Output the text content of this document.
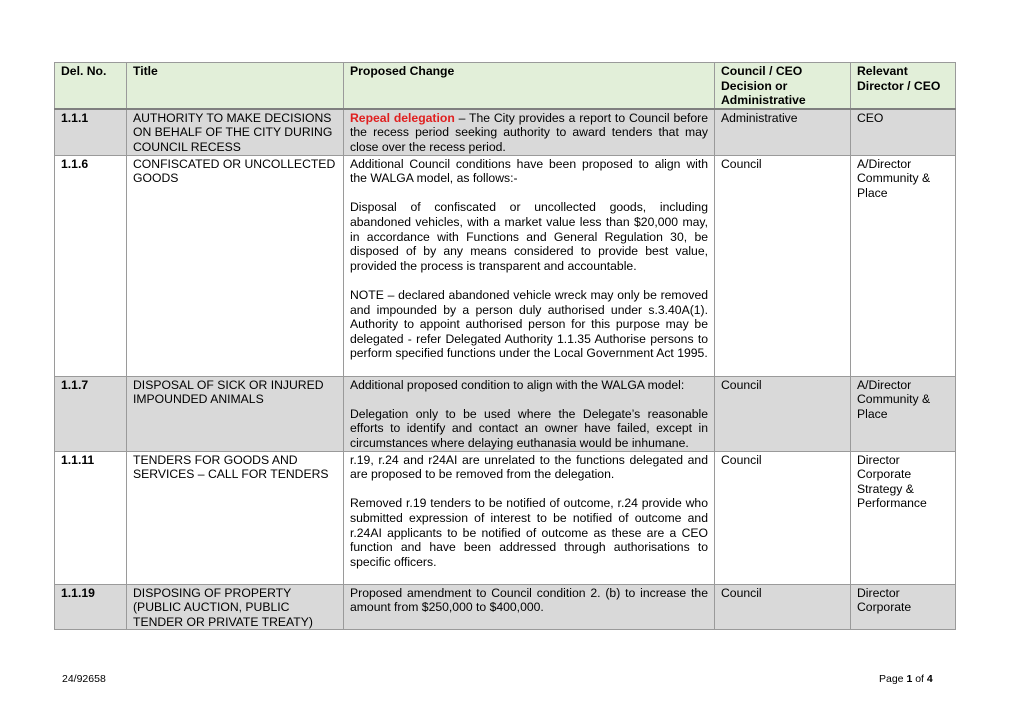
Del. No.	Title	Proposed Change	Council / CEO Decision or Administrative	Relevant Director / CEO
1.1.1	AUTHORITY TO MAKE DECISIONS ON BEHALF OF THE CITY DURING COUNCIL RECESS	Repeal delegation – The City provides a report to Council before the recess period seeking authority to award tenders that may close over the recess period.	Administrative	CEO
1.1.6	CONFISCATED OR UNCOLLECTED GOODS	Additional Council conditions have been proposed to align with the WALGA model, as follows:-

Disposal of confiscated or uncollected goods, including abandoned vehicles, with a market value less than $20,000 may, in accordance with Functions and General Regulation 30, be disposed of by any means considered to provide best value, provided the process is transparent and accountable.

NOTE – declared abandoned vehicle wreck may only be removed and impounded by a person duly authorised under s.3.40A(1). Authority to appoint authorised person for this purpose may be delegated - refer Delegated Authority 1.1.35 Authorise persons to perform specified functions under the Local Government Act 1995.	Council	A/Director Community & Place
1.1.7	DISPOSAL OF SICK OR INJURED IMPOUNDED ANIMALS	Additional proposed condition to align with the WALGA model:

Delegation only to be used where the Delegate’s reasonable efforts to identify and contact an owner have failed, except in circumstances where delaying euthanasia would be inhumane.	Council	A/Director Community & Place
1.1.11	TENDERS FOR GOODS AND SERVICES – CALL FOR TENDERS	r.19, r.24 and r24AI are unrelated to the functions delegated and are proposed to be removed from the delegation.

Removed r.19 tenders to be notified of outcome, r.24 provide who submitted expression of interest to be notified of outcome and r.24AI applicants to be notified of outcome as these are a CEO function and have been addressed through authorisations to specific officers.	Council	Director Corporate Strategy & Performance
1.1.19	DISPOSING OF PROPERTY (PUBLIC AUCTION, PUBLIC TENDER OR PRIVATE TREATY)	Proposed amendment to Council condition 2. (b) to increase the amount from $250,000 to $400,000.	Council	Director Corporate
24/92658	Page 1 of 4
